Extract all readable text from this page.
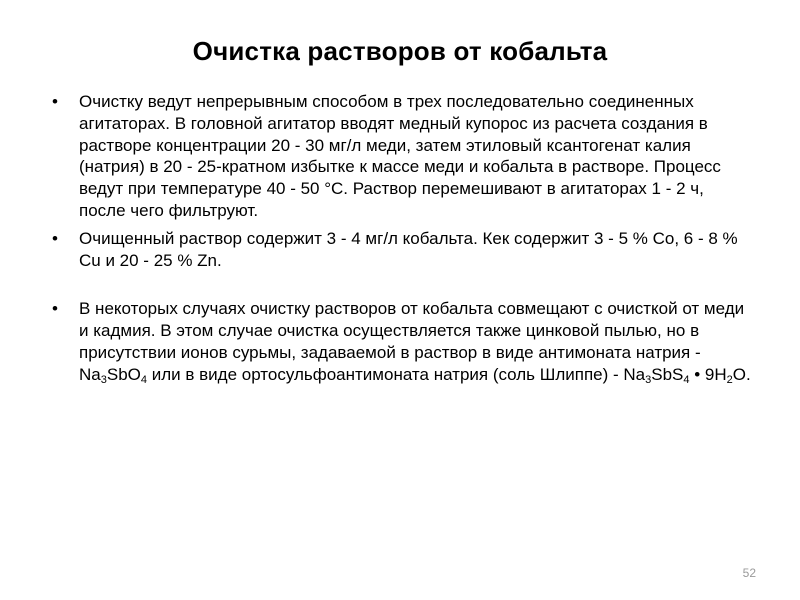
Очистка растворов от кобальта
•	Очистку ведут непрерывным способом в трех последовательно соединенных агитаторах. В головной агитатор вводят медный купорос из расчета создания в растворе концентрации 20 - 30 мг/л меди, затем этиловый ксантогенат калия (натрия) в 20 - 25-кратном избытке к массе меди и кобальта в растворе. Процесс ведут при температуре 40 - 50 °С. Раствор перемешивают в агитаторах 1 - 2 ч, после чего фильтруют.
•	Очищенный раствор содержит 3 - 4 мг/л кобальта. Кек содержит 3 - 5 % Со, 6 - 8 % Cu и 20 - 25 % Zn.
•	В некоторых случаях очистку растворов от кобальта совмещают с очисткой от меди и кадмия. В этом случае очистка осуществляется также цинковой пылью, но в присутствии ионов сурьмы, задаваемой в раствор в виде антимоната натрия - $Na_3SbO_4$ или в виде ортосульфоантимоната натрия (соль Шлиппе) - $Na_3SbS_4$ • $9H_2O$.
52
